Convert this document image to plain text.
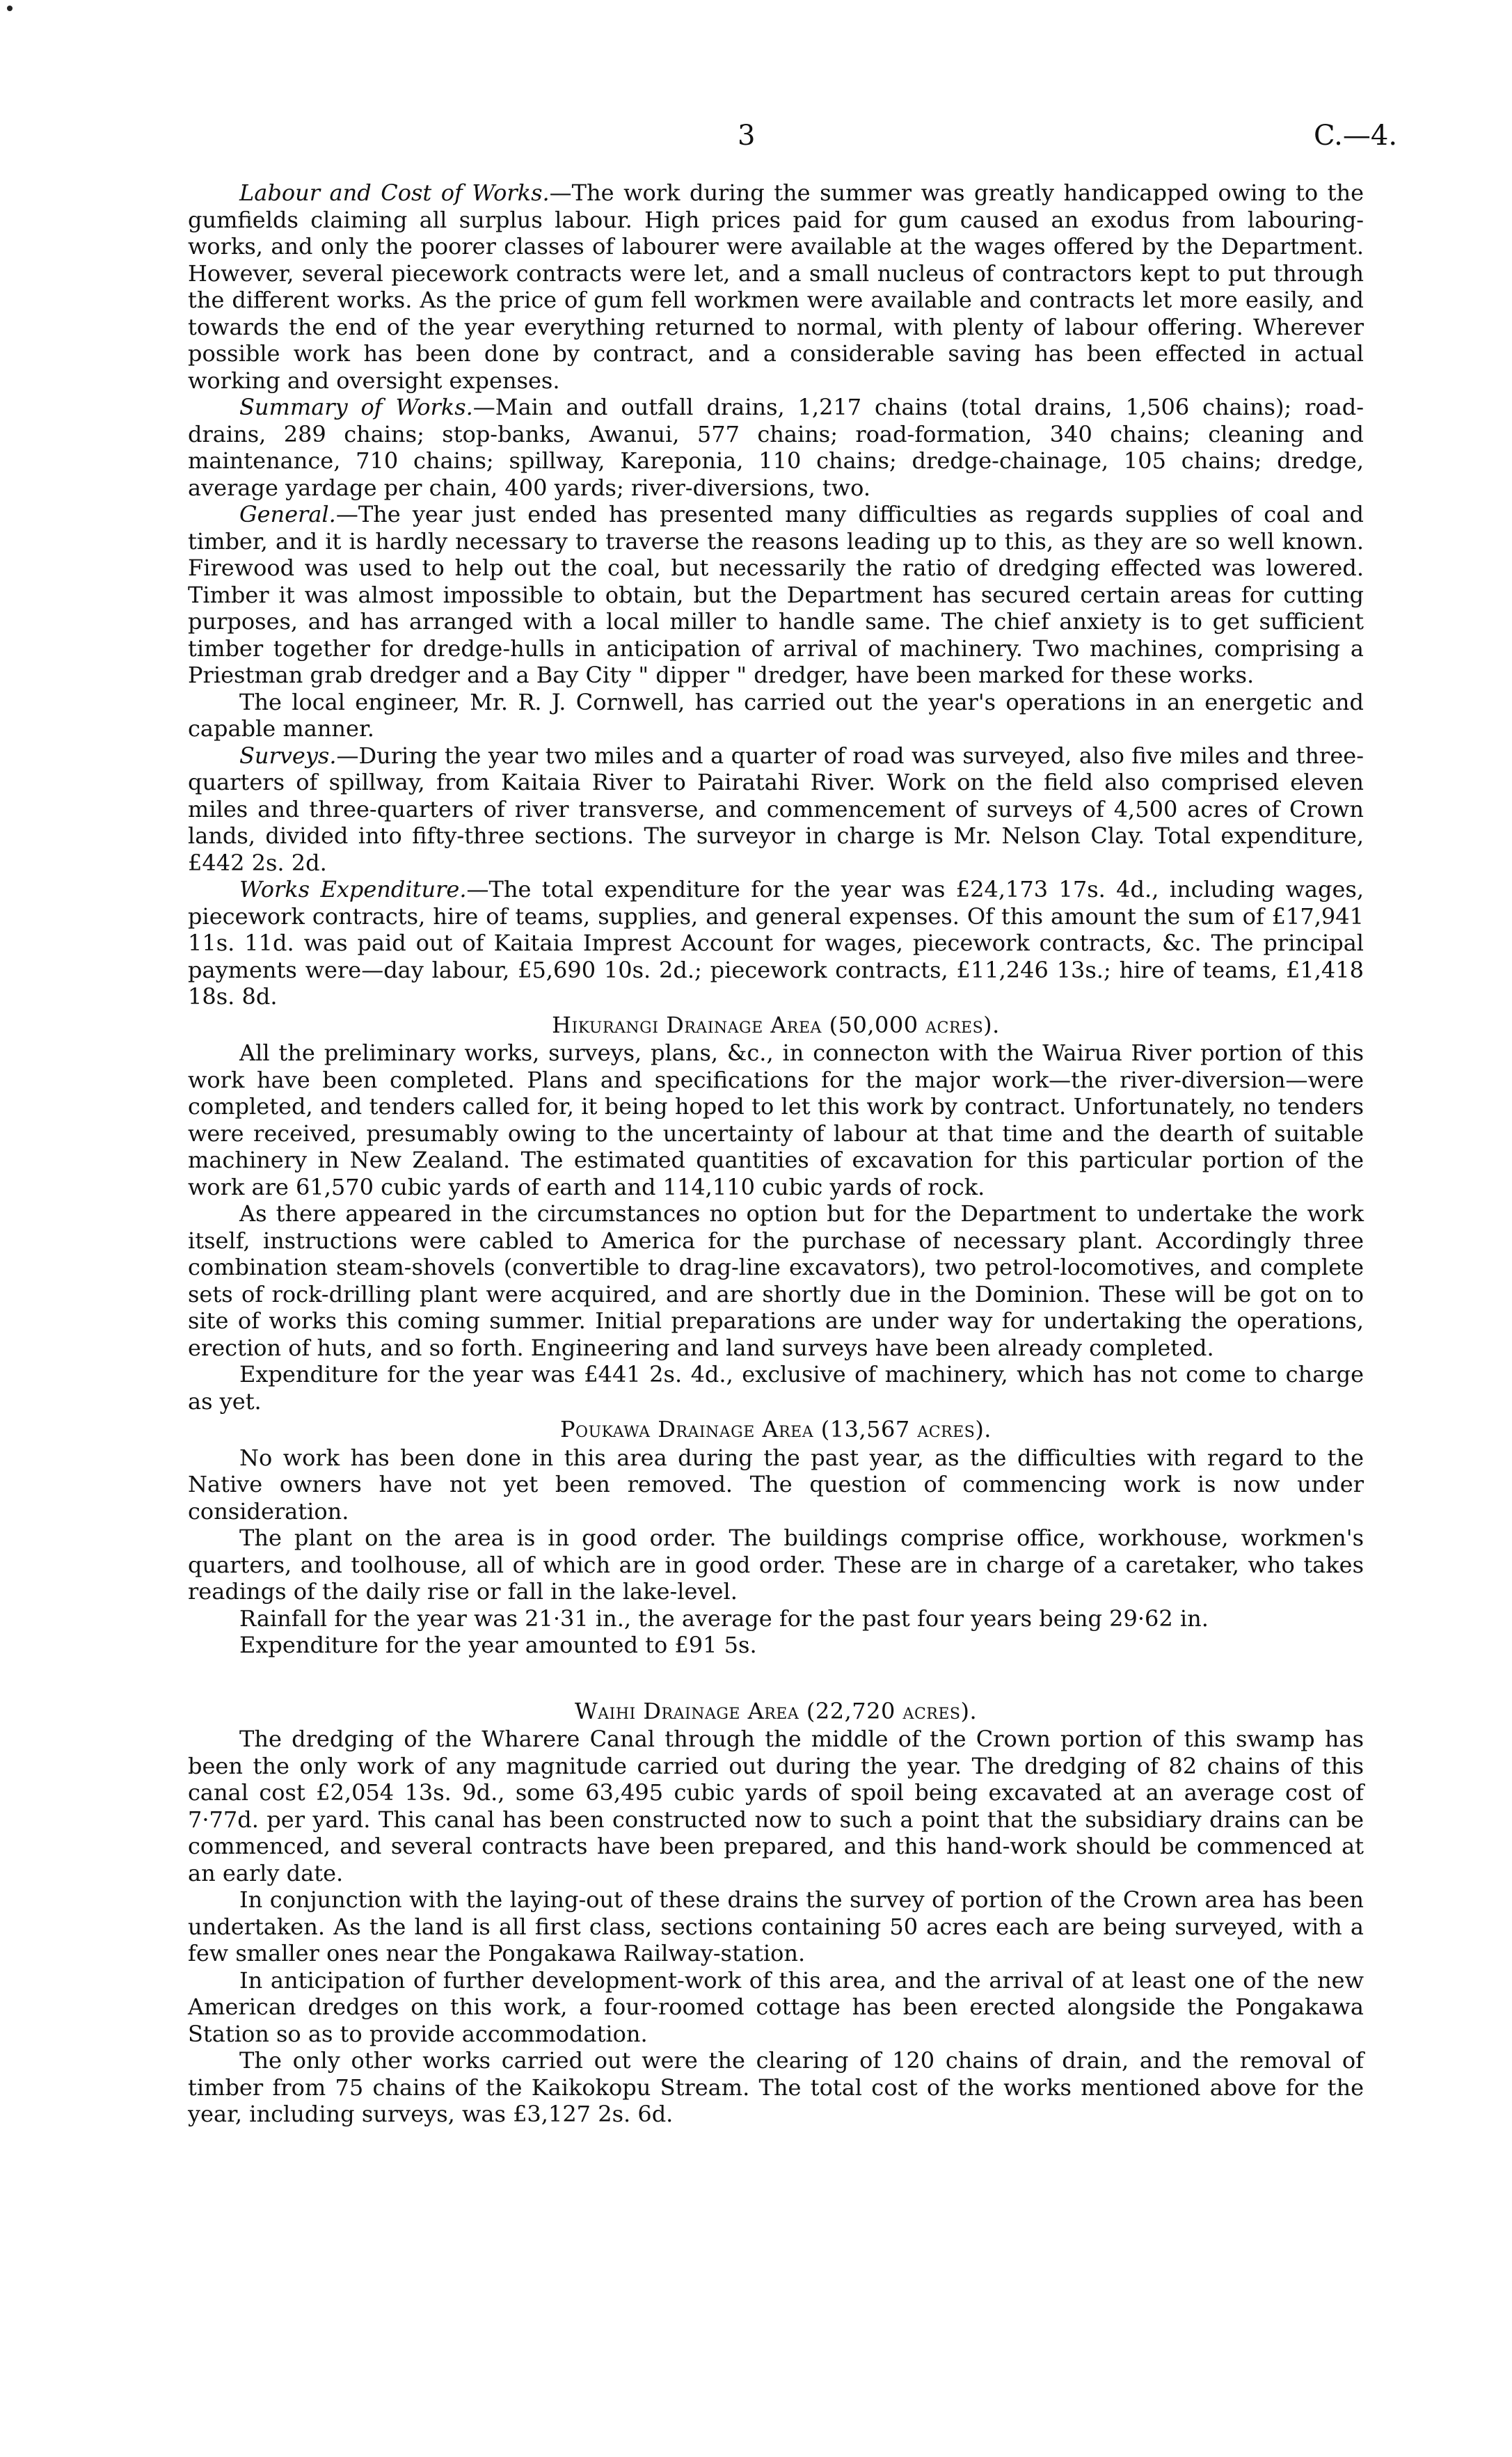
3	C.—4.

Labour and Cost of Works.—The work during the summer was greatly handicapped owing to the gumfields claiming all surplus labour. High prices paid for gum caused an exodus from labouring-works, and only the poorer classes of labourer were available at the wages offered by the Department. However, several piecework contracts were let, and a small nucleus of contractors kept to put through the different works. As the price of gum fell workmen were available and contracts let more easily, and towards the end of the year everything returned to normal, with plenty of labour offering. Wherever possible work has been done by contract, and a considerable saving has been effected in actual working and oversight expenses.

Summary of Works.—Main and outfall drains, 1,217 chains (total drains, 1,506 chains); road-drains, 289 chains; stop-banks, Awanui, 577 chains; road-formation, 340 chains; cleaning and maintenance, 710 chains; spillway, Kareponia, 110 chains; dredge-chainage, 105 chains; dredge, average yardage per chain, 400 yards; river-diversions, two.

General.—The year just ended has presented many difficulties as regards supplies of coal and timber, and it is hardly necessary to traverse the reasons leading up to this, as they are so well known. Firewood was used to help out the coal, but necessarily the ratio of dredging effected was lowered. Timber it was almost impossible to obtain, but the Department has secured certain areas for cutting purposes, and has arranged with a local miller to handle same. The chief anxiety is to get sufficient timber together for dredge-hulls in anticipation of arrival of machinery. Two machines, comprising a Priestman grab dredger and a Bay City " dipper " dredger, have been marked for these works.

The local engineer, Mr. R. J. Cornwell, has carried out the year's operations in an energetic and capable manner.

Surveys.—During the year two miles and a quarter of road was surveyed, also five miles and three-quarters of spillway, from Kaitaia River to Pairatahi River. Work on the field also comprised eleven miles and three-quarters of river transverse, and commencement of surveys of 4,500 acres of Crown lands, divided into fifty-three sections. The surveyor in charge is Mr. Nelson Clay. Total expenditure, £442 2s. 2d.

Works Expenditure.—The total expenditure for the year was £24,173 17s. 4d., including wages, piecework contracts, hire of teams, supplies, and general expenses. Of this amount the sum of £17,941 11s. 11d. was paid out of Kaitaia Imprest Account for wages, piecework contracts, &c. The principal payments were—day labour, £5,690 10s. 2d.; piecework contracts, £11,246 13s.; hire of teams, £1,418 18s. 8d.

Hikurangi Drainage Area (50,000 acres).

All the preliminary works, surveys, plans, &c., in connecton with the Wairua River portion of this work have been completed. Plans and specifications for the major work—the river-diversion—were completed, and tenders called for, it being hoped to let this work by contract. Unfortunately, no tenders were received, presumably owing to the uncertainty of labour at that time and the dearth of suitable machinery in New Zealand. The estimated quantities of excavation for this particular portion of the work are 61,570 cubic yards of earth and 114,110 cubic yards of rock.

As there appeared in the circumstances no option but for the Department to undertake the work itself, instructions were cabled to America for the purchase of necessary plant. Accordingly three combination steam-shovels (convertible to drag-line excavators), two petrol-locomotives, and complete sets of rock-drilling plant were acquired, and are shortly due in the Dominion. These will be got on to site of works this coming summer. Initial preparations are under way for undertaking the operations, erection of huts, and so forth. Engineering and land surveys have been already completed.

Expenditure for the year was £441 2s. 4d., exclusive of machinery, which has not come to charge as yet.

Poukawa Drainage Area (13,567 acres).

No work has been done in this area during the past year, as the difficulties with regard to the Native owners have not yet been removed. The question of commencing work is now under consideration.

The plant on the area is in good order. The buildings comprise office, workhouse, workmen's quarters, and toolhouse, all of which are in good order. These are in charge of a caretaker, who takes readings of the daily rise or fall in the lake-level.

Rainfall for the year was 21·31 in., the average for the past four years being 29·62 in.

Expenditure for the year amounted to £91 5s.

Waihi Drainage Area (22,720 acres).

The dredging of the Wharere Canal through the middle of the Crown portion of this swamp has been the only work of any magnitude carried out during the year. The dredging of 82 chains of this canal cost £2,054 13s. 9d., some 63,495 cubic yards of spoil being excavated at an average cost of 7·77d. per yard. This canal has been constructed now to such a point that the subsidiary drains can be commenced, and several contracts have been prepared, and this hand-work should be commenced at an early date.

In conjunction with the laying-out of these drains the survey of portion of the Crown area has been undertaken. As the land is all first class, sections containing 50 acres each are being surveyed, with a few smaller ones near the Pongakawa Railway-station.

In anticipation of further development-work of this area, and the arrival of at least one of the new American dredges on this work, a four-roomed cottage has been erected alongside the Pongakawa Station so as to provide accommodation.

The only other works carried out were the clearing of 120 chains of drain, and the removal of timber from 75 chains of the Kaikokopu Stream. The total cost of the works mentioned above for the year, including surveys, was £3,127 2s. 6d.
